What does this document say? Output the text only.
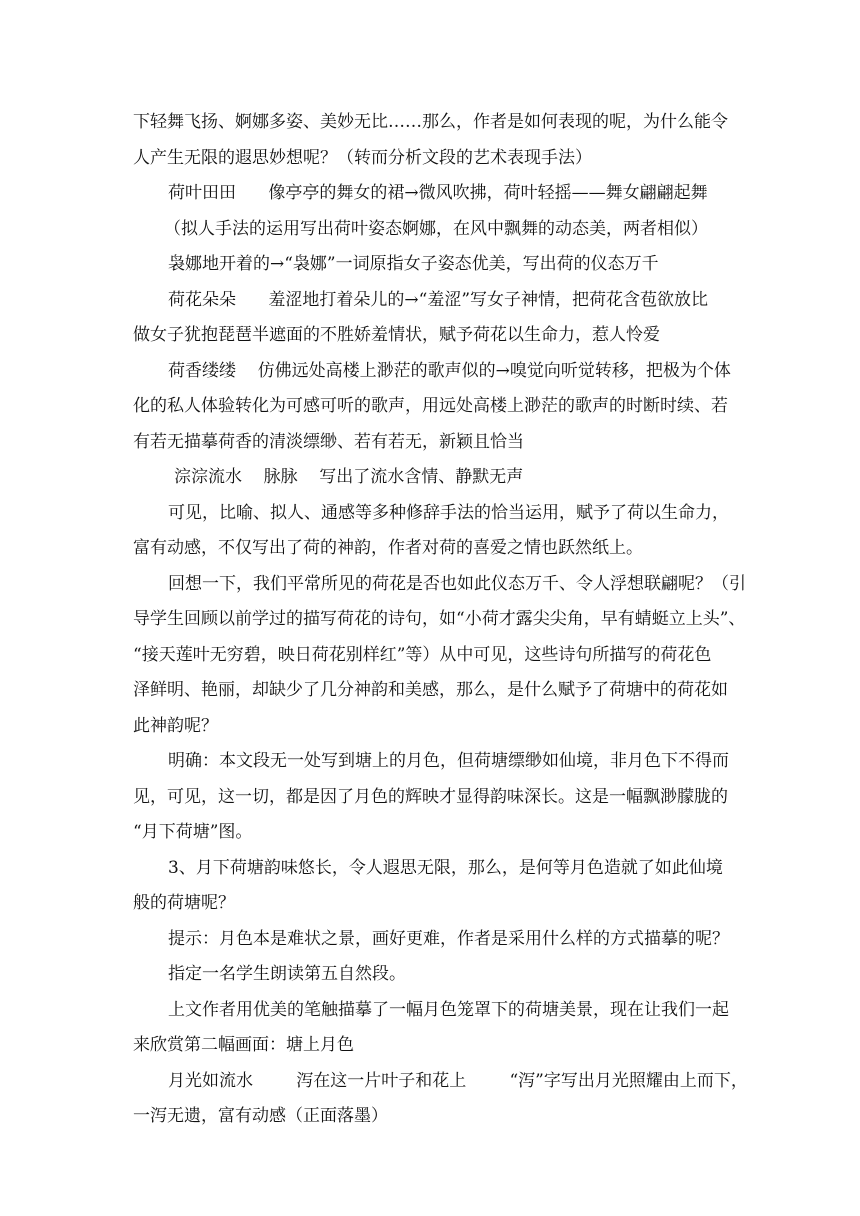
下轻舞飞扬、婀娜多姿、美妙无比……那么，作者是如何表现的呢，为什么能令

人产生无限的遐思妙想呢？（转而分析文段的艺术表现手法）

荷叶田田      像亭亭的舞女的裙→微风吹拂，荷叶轻摇——舞女翩翩起舞

（拟人手法的运用写出荷叶姿态婀娜，在风中飘舞的动态美，两者相似）

袅娜地开着的→“袅娜”一词原指女子姿态优美，写出荷的仪态万千

荷花朵朵      羞涩地打着朵儿的→“羞涩”写女子神情，把荷花含苞欲放比

做女子犹抱琵琶半遮面的不胜娇羞情状，赋予荷花以生命力，惹人怜爱

荷香缕缕    仿佛远处高楼上渺茫的歌声似的→嗅觉向听觉转移，把极为个体

化的私人体验转化为可感可听的歌声，用远处高楼上渺茫的歌声的时断时续、若

有若无描摹荷香的清淡缥缈、若有若无，新颖且恰当

淙淙流水    脉脉    写出了流水含情、静默无声

可见，比喻、拟人、通感等多种修辞手法的恰当运用，赋予了荷以生命力，

富有动感，不仅写出了荷的神韵，作者对荷的喜爱之情也跃然纸上。

回想一下，我们平常所见的荷花是否也如此仪态万千、令人浮想联翩呢？（引

导学生回顾以前学过的描写荷花的诗句，如“小荷才露尖尖角，早有蜻蜓立上头”、

“接天莲叶无穷碧，映日荷花别样红”等）从中可见，这些诗句所描写的荷花色

泽鲜明、艳丽，却缺少了几分神韵和美感，那么，是什么赋予了荷塘中的荷花如

此神韵呢？

明确：本文段无一处写到塘上的月色，但荷塘缥缈如仙境，非月色下不得而

见，可见，这一切，都是因了月色的辉映才显得韵味深长。这是一幅飘渺朦胧的

“月下荷塘”图。

3、月下荷塘韵味悠长，令人遐思无限，那么，是何等月色造就了如此仙境

般的荷塘呢？

提示：月色本是难状之景，画好更难，作者是采用什么样的方式描摹的呢？

指定一名学生朗读第五自然段。

上文作者用优美的笔触描摹了一幅月色笼罩下的荷塘美景，现在让我们一起

来欣赏第二幅画面：塘上月色

月光如流水        泻在这一片叶子和花上        “泻”字写出月光照耀由上而下，

一泻无遗，富有动感（正面落墨）
